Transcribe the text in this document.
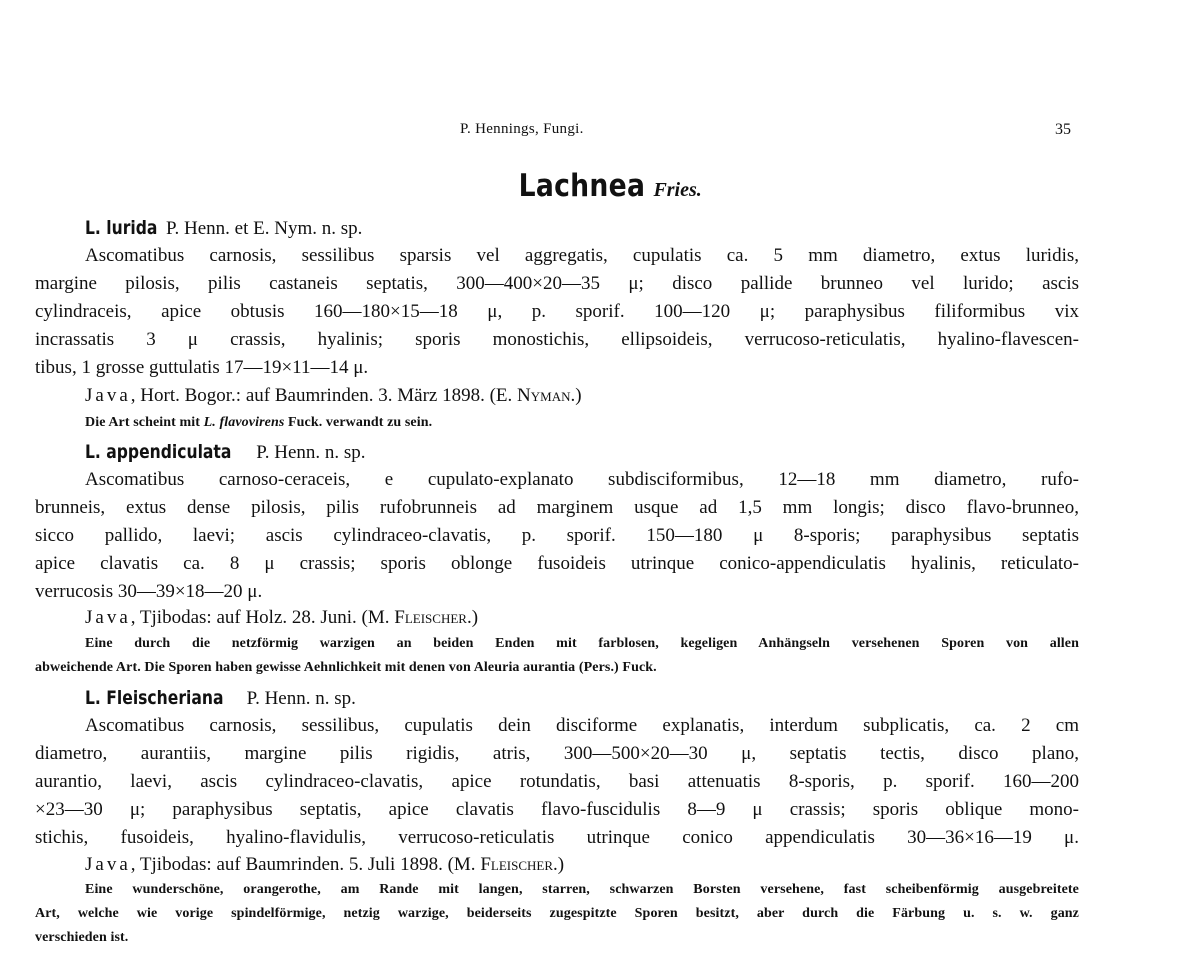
P. Hennings, Fungi.	35
Lachnea Fries.
L. lurida P. Henn. et E. Nym. n. sp.
Ascomatibus carnosis, sessilibus sparsis vel aggregatis, cupulatis ca. 5 mm diametro, extus luridis,
margine pilosis, pilis castaneis septatis, 300—400×20—35 μ; disco pallide brunneo vel lurido; ascis
cylindraceis, apice obtusis 160—180×15—18 μ, p. sporif. 100—120 μ; paraphysibus filiformibus vix
incrassatis 3 μ crassis, hyalinis; sporis monostichis, ellipsoideis, verrucoso-reticulatis, hyalino-flavescen-
tibus, 1 grosse guttulatis 17—19×11—14 μ.
Java, Hort. Bogor.: auf Baumrinden. 3. März 1898. (E. Nyman.)
Die Art scheint mit L. flavovirens Fuck. verwandt zu sein.
L. appendiculata P. Henn. n. sp.
Ascomatibus carnoso-ceraceis, e cupulato-explanato subdisciformibus, 12—18 mm diametro, rufo-
brunneis, extus dense pilosis, pilis rufobrunneis ad marginem usque ad 1,5 mm longis; disco flavo-brunneo,
sicco pallido, laevi; ascis cylindraceo-clavatis, p. sporif. 150—180 μ 8-sporis; paraphysibus septatis
apice clavatis ca. 8 μ crassis; sporis oblonge fusoideis utrinque conico-appendiculatis hyalinis, reticulato-
verrucosis 30—39×18—20 μ.
Java, Tjibodas: auf Holz. 28. Juni. (M. Fleischer.)
Eine durch die netzförmig warzigen an beiden Enden mit farblosen, kegeligen Anhängseln versehenen Sporen von allen
abweichende Art. Die Sporen haben gewisse Aehnlichkeit mit denen von Aleuria aurantia (Pers.) Fuck.
L. Fleischeriana P. Henn. n. sp.
Ascomatibus carnosis, sessilibus, cupulatis dein disciforme explanatis, interdum subplicatis, ca. 2 cm
diametro, aurantiis, margine pilis rigidis, atris, 300—500×20—30 μ, septatis tectis, disco plano,
aurantio, laevi, ascis cylindraceo-clavatis, apice rotundatis, basi attenuatis 8-sporis, p. sporif. 160—200
×23—30 μ; paraphysibus septatis, apice clavatis flavo-fuscidulis 8—9 μ crassis; sporis oblique mono-
stichis, fusoideis, hyalino-flavidulis, verrucoso-reticulatis utrinque conico appendiculatis 30—36×16—19 μ.
Java, Tjibodas: auf Baumrinden. 5. Juli 1898. (M. Fleischer.)
Eine wunderschöne, orangerothe, am Rande mit langen, starren, schwarzen Borsten versehene, fast scheibenförmig ausgebreitete
Art, welche wie vorige spindelförmige, netzig warzige, beiderseits zugespitzte Sporen besitzt, aber durch die Färbung u. s. w. ganz
verschieden ist.
